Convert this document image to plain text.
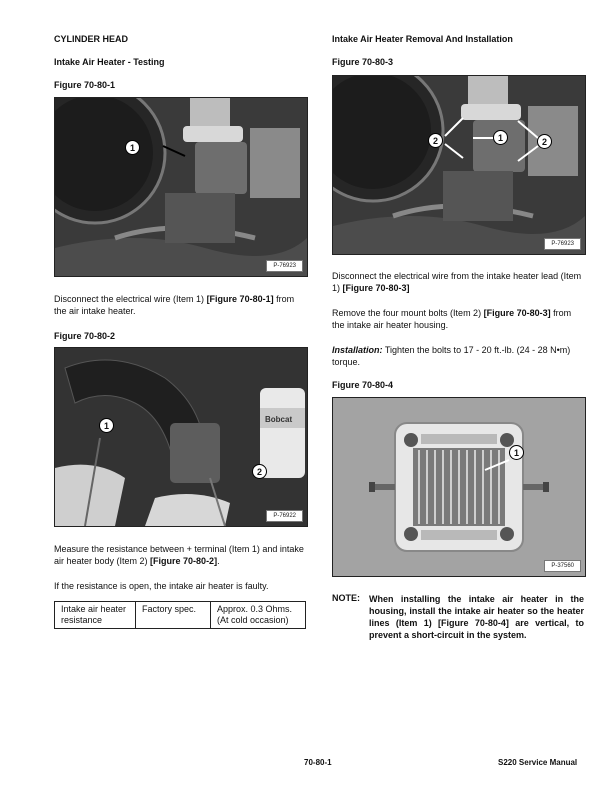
CYLINDER HEAD
Intake Air Heater - Testing
Figure 70-80-1
1
P-76923
Disconnect the electrical wire (Item 1) [Figure 70-80-1] from the air intake heater.
Figure 70-80-2
Bobcat
1
2
P-76922
Measure the resistance between + terminal (Item 1) and intake air heater body (Item 2) [Figure 70-80-2].
If the resistance is open, the intake air heater is faulty.
Intake air heater resistance	Factory spec.	Approx. 0.3 Ohms. (At cold occasion)
Intake Air Heater Removal And Installation
Figure 70-80-3
2	1	2
P-76923
Disconnect the electrical wire from the intake heater lead (Item 1) [Figure 70-80-3]
Remove the four mount bolts (Item 2) [Figure 70-80-3] from the intake air heater housing.
Installation: Tighten the bolts to 17 - 20 ft.-lb. (24 - 28 N•m) torque.
Figure 70-80-4
1
P-37560
NOTE: When installing the intake air heater in the housing, install the intake air heater so the heater lines (Item 1) [Figure 70-80-4] are vertical, to prevent a short-circuit in the system.
70-80-1	S220 Service Manual
